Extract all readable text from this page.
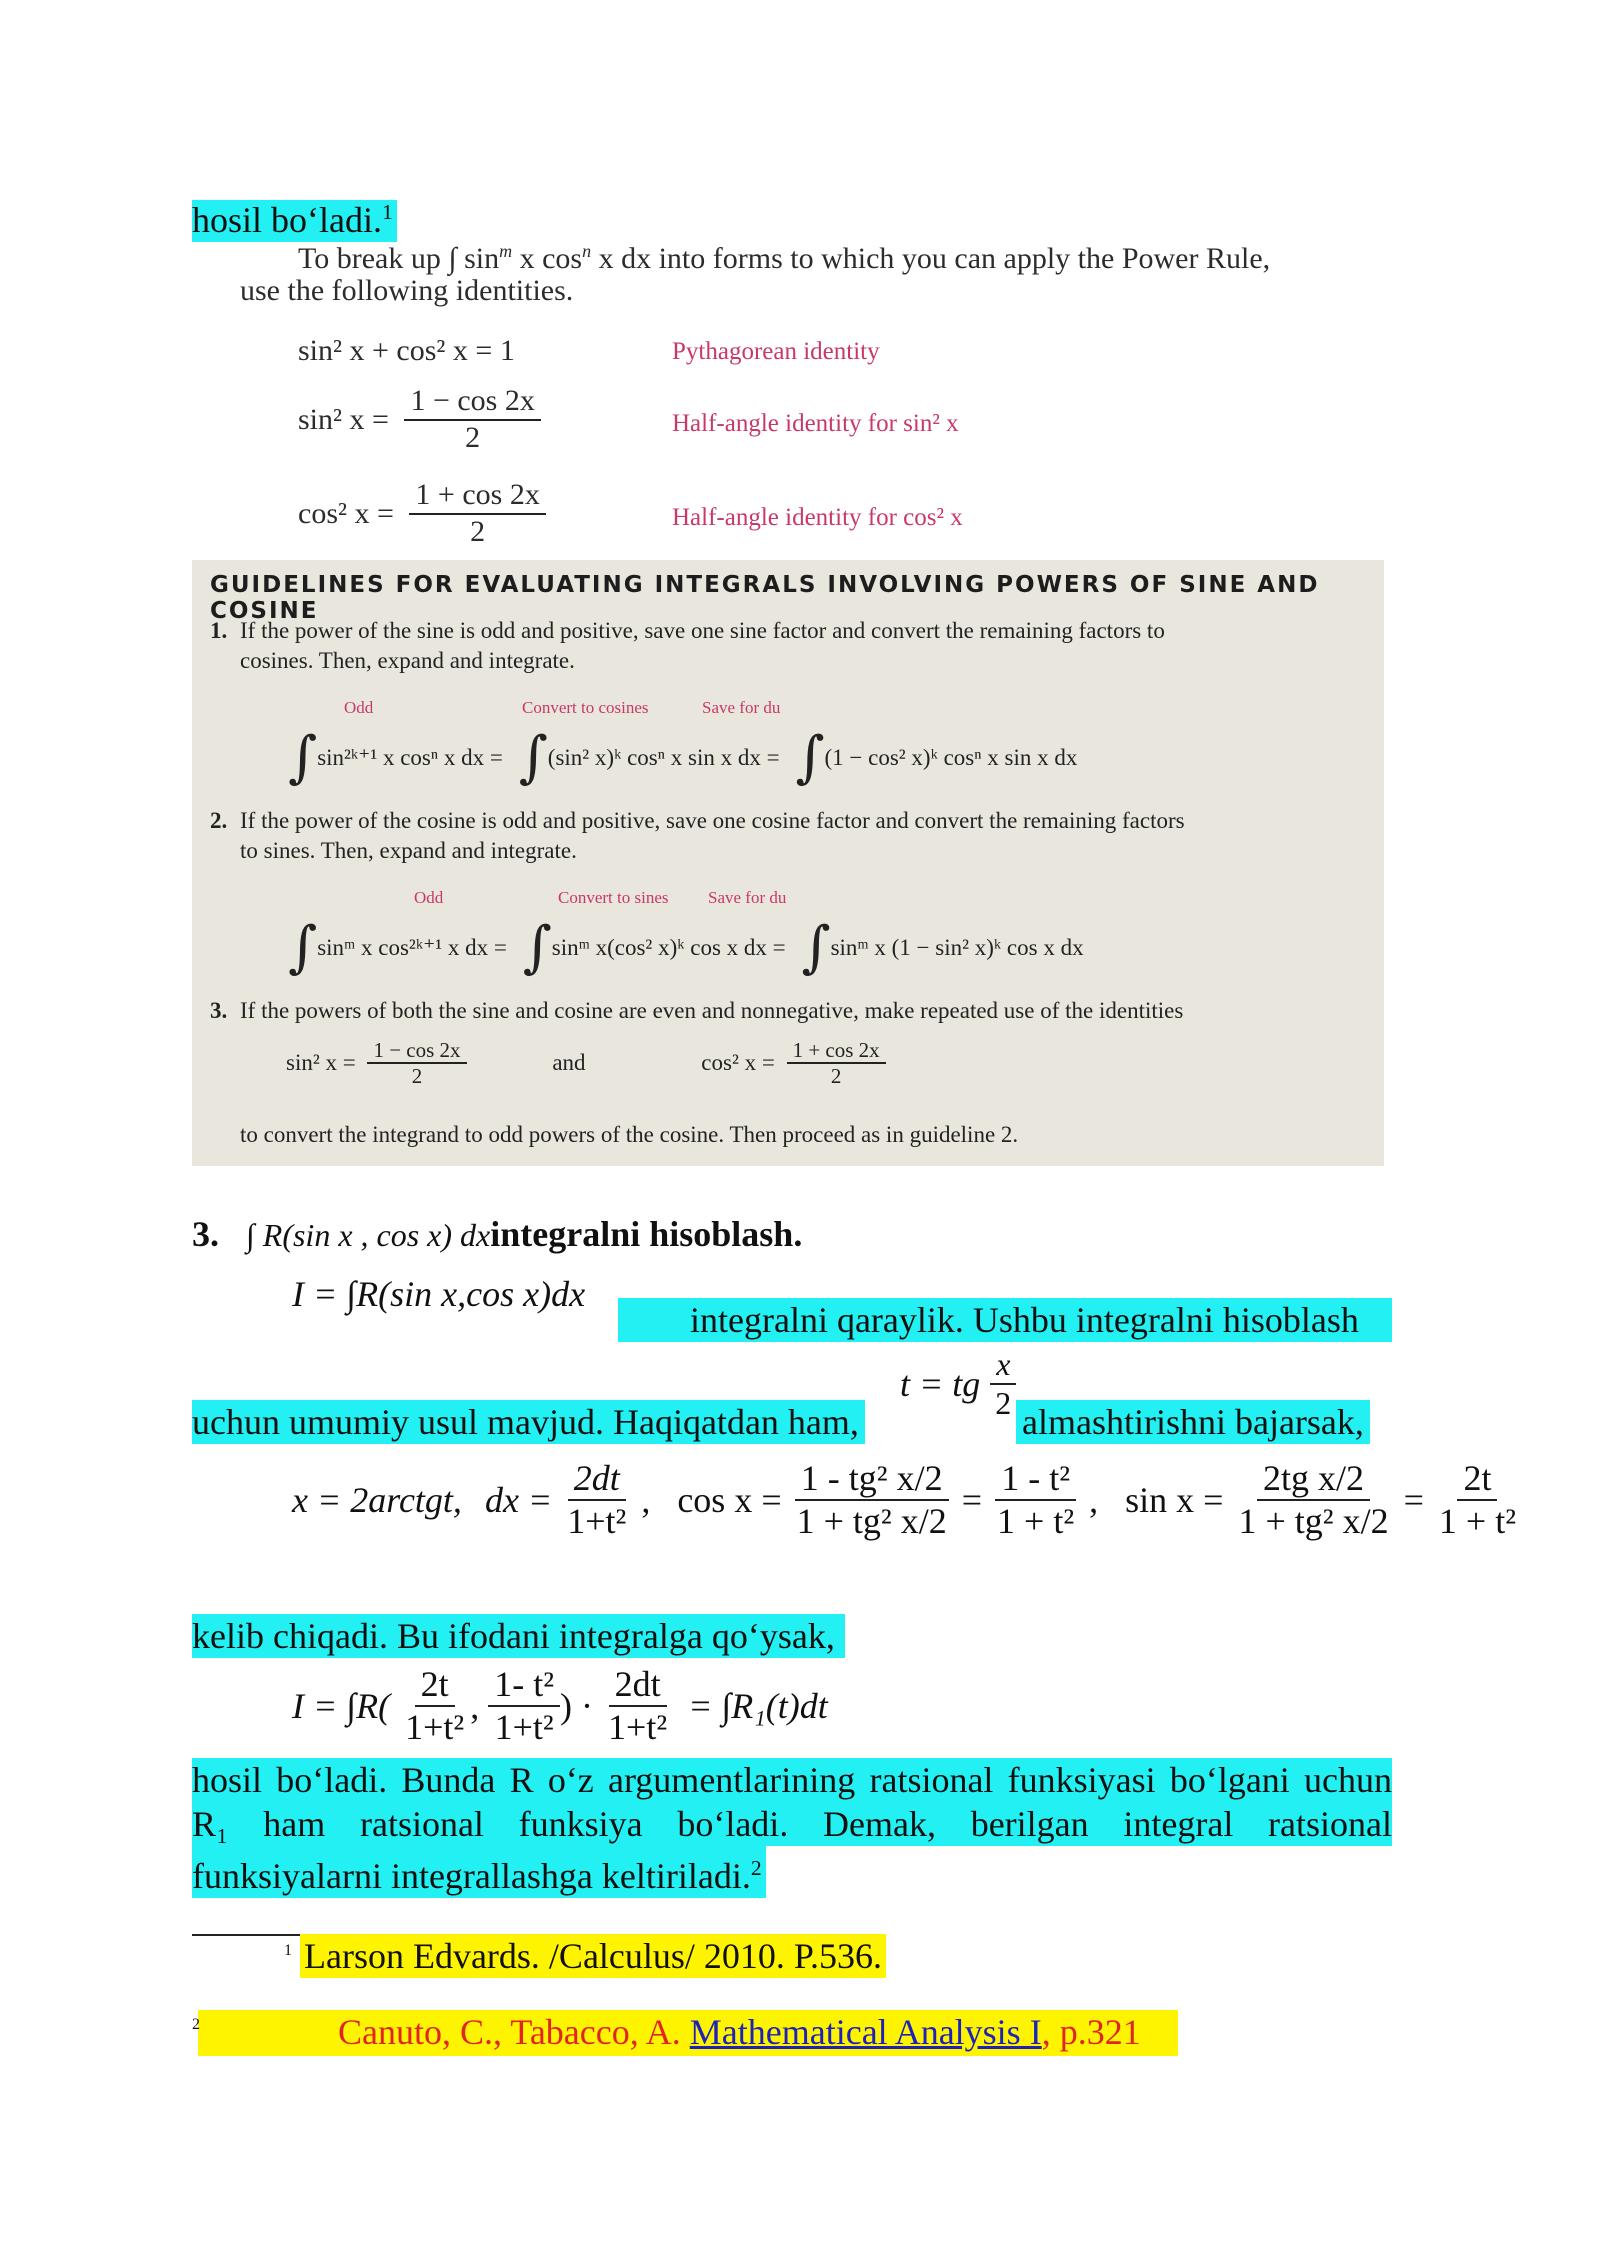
hosil bo‘ladi.$^1$
To break up ∫ $\sin^m x$ $\cos^n x$ dx into forms to which you can apply the Power Rule,
use the following identities.
sin² x + cos² x = 1	Pythagorean identity
sin² $x = \frac{1 - \cos 2x}{2}$	Half-angle identity for sin² x
cos² $x = \frac{1 + \cos 2x}{2}$	Half-angle identity for cos² x
GUIDELINES FOR EVALUATING INTEGRALS INVOLVING POWERS OF SINE AND COSINE
1. If the power of the sine is odd and positive, save one sine factor and convert the remaining factors to
cosines. Then, expand and integrate.
Odd	Convert to cosines	Save for du
∫sin²ᵏ⁺¹ x cosⁿ x dx = ∫(sin² x)ᵏ cosⁿ x sin x dx = ∫(1 − cos² x)ᵏ cosⁿ x sin x dx
2. If the power of the cosine is odd and positive, save one cosine factor and convert the remaining factors
to sines. Then, expand and integrate.
Odd	Convert to sines Save for du
∫sinᵐ x cos²ᵏ⁺¹ x dx = ∫sinᵐ x(cos² x)ᵏ cos x dx = ∫sinᵐ x (1 − sin² x)ᵏ cos x dx
3. If the powers of both the sine and cosine are even and nonnegative, make repeated use of the identities
sin² $x = \frac{1 - \cos 2x}{2}$	and	cos² $x = \frac{1 + \cos 2x}{2}$
to convert the integrand to odd powers of the cosine. Then proceed as in guideline 2.
3. ∫ R(sin x , cos x) dxintegralni hisoblash.
I = ∫R(sin x,cos x)dx
integralni qaraylik. Ushbu integralni hisoblash
t = tg $\frac{x}{2}$
uchun umumiy usul mavjud. Haqiqatdan ham,	almashtirishni bajarsak,
x = 2arctgt, dx = $\frac{2dt}{\text{1+t²}}$ , $\cos x = \frac{\text{1 - tg² x/2}}{\text{1 + tg² x/2}} = \frac{\text{1 - t²}}{\text{1 + t²}}$ , $\sin x = \frac{\text{2tg x/2}}{\text{1 + tg² x/2}} = \frac{2t}{\text{1 + t²}}$
kelib chiqadi. Bu ifodani integralga qo‘ysak,
$I = \int R( \frac{2t}{\text{1+t²}}$ , $\frac{\text{1- t²}}{\text{1+t²}}$ ) · $\frac{2dt}{\text{1+t²}} = \int R_1(t)dt$
hosil bo‘ladi. Bunda R o‘z argumentlarining ratsional funksiyasi bo‘lgani uchun
R₁ ham ratsional funksiya bo‘ladi. Demak, berilgan integral ratsional
funksiyalarni integrallashga keltiriladi.$^2$
1 Larson Edvards. /Calculus/ 2010. P.536.
2	Canuto, C., Tabacco, A. Mathematical Analysis I, p.321
